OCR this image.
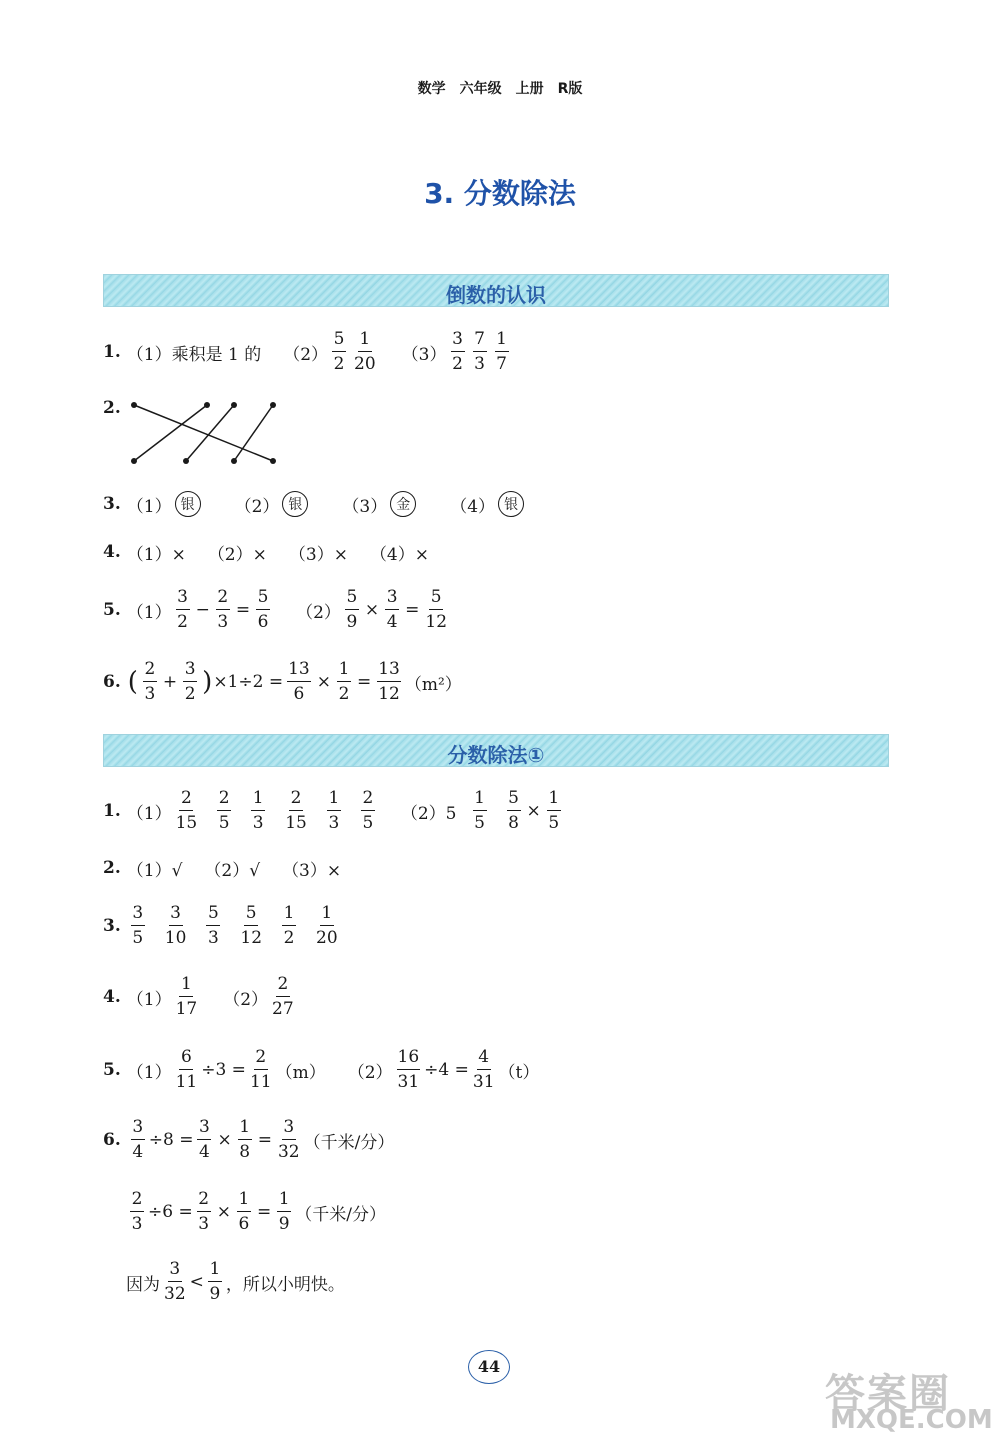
数学 六年级 上册 R版
3. 分数除法
倒数的认识
1. （1）乘积是 1 的 $(2) \frac{5}{2} \frac{1}{20} (3) \frac{3}{2} \frac{7}{3} \frac{1}{7}$
2.
3. （1） 银	（2） 银	（3） 金	（4） 银
4. （1）× （2）× （3）× （4）×
5. $(1) \frac{3}{2} - \frac{2}{3} = \frac{5}{6} (2) \frac{5}{9} \times \frac{3}{4} = \frac{5}{12}$
6. ( $\frac{2}{3} + \frac{3}{2}$ ) $\times 1\div 2 = \frac{13}{6} \times \frac{1}{2} = \frac{13}{12} (m^2)$
分数除法①
1. $(1) \frac{2}{15} \frac{2}{5} \frac{1}{3} \frac{2}{15} \frac{1}{3} \frac{2}{5} (2)5 \frac{1}{5} \frac{5}{8} \times \frac{1}{5}$
2. （1）√ （2）√ （3）×
3. $\frac{3}{5} \frac{3}{10} \frac{5}{3} \frac{5}{12} \frac{1}{2} \frac{1}{20}$
4. $(1) \frac{1}{17} (2) \frac{2}{27}$
5. $(1) \frac{6}{11} \div 3 = \frac{2}{11} (m)$ $(2) \frac{16}{31} \div 4 = \frac{4}{31} (t)$
6. $\frac{3}{4} \div 8 = \frac{3}{4} \times \frac{1}{8} = \frac{3}{32}$ （千米/分）
$\frac{2}{3} \div 6 = \frac{2}{3} \times \frac{1}{6} = \frac{1}{9}$ （千米/分）
因为 $\frac{3}{32} < \frac{1}{9}$ ，所以小明快。
44
答案圈
MXQE.COM
